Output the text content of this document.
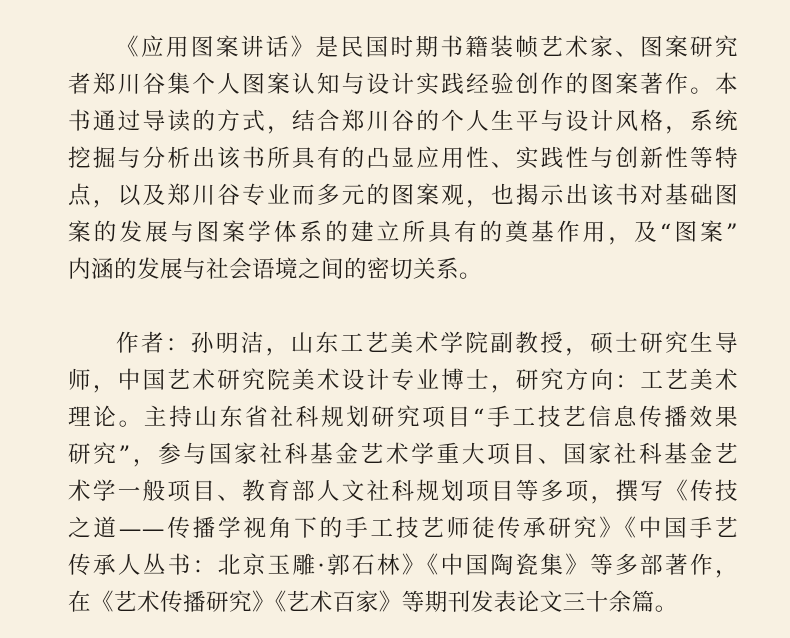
《应用图案讲话》是民国时期书籍装帧艺术家、图案研究
者郑川谷集个人图案认知与设计实践经验创作的图案著作。本
书通过导读的方式，结合郑川谷的个人生平与设计风格，系统
挖掘与分析出该书所具有的凸显应用性、实践性与创新性等特
点，以及郑川谷专业而多元的图案观，也揭示出该书对基础图
案的发展与图案学体系的建立所具有的奠基作用，及“图案”
内涵的发展与社会语境之间的密切关系。
作者：孙明洁，山东工艺美术学院副教授，硕士研究生导
师，中国艺术研究院美术设计专业博士，研究方向：工艺美术
理论。主持山东省社科规划研究项目“手工技艺信息传播效果
研究”，参与国家社科基金艺术学重大项目、国家社科基金艺
术学一般项目、教育部人文社科规划项目等多项，撰写《传技
之道——传播学视角下的手工技艺师徒传承研究》《中国手艺
传承人丛书：北京玉雕·郭石林》《中国陶瓷集》等多部著作，
在《艺术传播研究》《艺术百家》等期刊发表论文三十余篇。
